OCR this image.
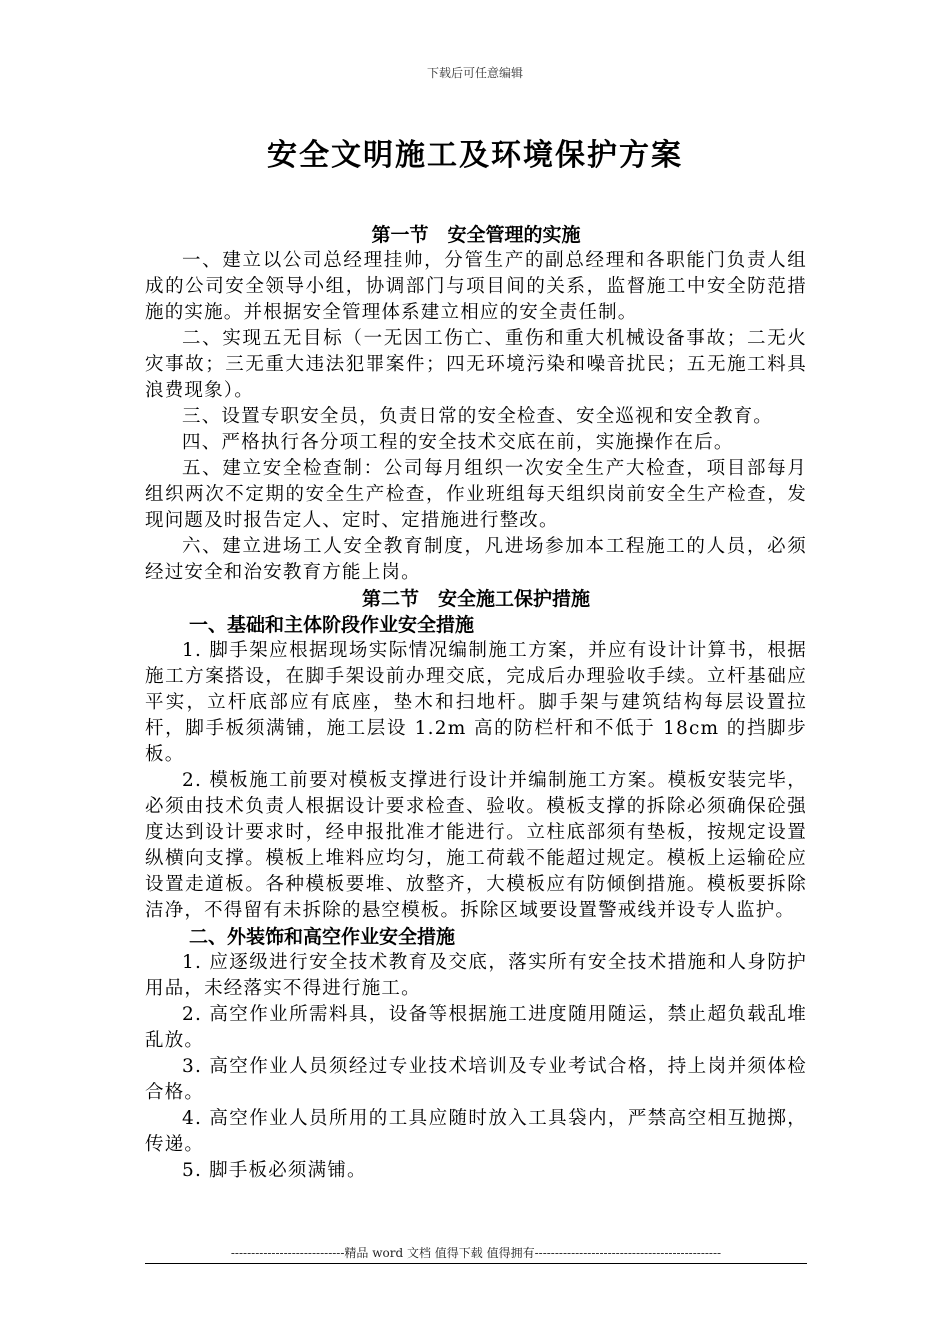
下载后可任意编辑
安全文明施工及环境保护方案

第一节　安全管理的实施

一、建立以公司总经理挂帅，分管生产的副总经理和各职能门负责人组成的公司安全领导小组，协调部门与项目间的关系，监督施工中安全防范措施的实施。并根据安全管理体系建立相应的安全责任制。

二、实现五无目标（一无因工伤亡、重伤和重大机械设备事故；二无火灾事故；三无重大违法犯罪案件；四无环境污染和噪音扰民；五无施工料具浪费现象）。

三、设置专职安全员，负责日常的安全检查、安全巡视和安全教育。

四、严格执行各分项工程的安全技术交底在前，实施操作在后。

五、建立安全检查制：公司每月组织一次安全生产大检查，项目部每月组织两次不定期的安全生产检查，作业班组每天组织岗前安全生产检查，发现问题及时报告定人、定时、定措施进行整改。

六、建立进场工人安全教育制度，凡进场参加本工程施工的人员，必须经过安全和治安教育方能上岗。

第二节　安全施工保护措施

一、基础和主体阶段作业安全措施

1. 脚手架应根据现场实际情况编制施工方案，并应有设计计算书，根据施工方案搭设，在脚手架设前办理交底，完成后办理验收手续。立杆基础应平实，立杆底部应有底座，垫木和扫地杆。脚手架与建筑结构每层设置拉杆，脚手板须满铺，施工层设 1.2m 高的防栏杆和不低于 18cm 的挡脚步板。

2. 模板施工前要对模板支撑进行设计并编制施工方案。模板安装完毕，必须由技术负责人根据设计要求检查、验收。模板支撑的拆除必须确保砼强度达到设计要求时，经申报批准才能进行。立柱底部须有垫板，按规定设置纵横向支撑。模板上堆料应均匀，施工荷载不能超过规定。模板上运输砼应设置走道板。各种模板要堆、放整齐，大模板应有防倾倒措施。模板要拆除洁净，不得留有未拆除的悬空模板。拆除区域要设置警戒线并设专人监护。

二、外装饰和高空作业安全措施

1. 应逐级进行安全技术教育及交底，落实所有安全技术措施和人身防护用品，未经落实不得进行施工。

2. 高空作业所需料具，设备等根据施工进度随用随运，禁止超负载乱堆乱放。

3. 高空作业人员须经过专业技术培训及专业考试合格，持上岗并须体检合格。

4. 高空作业人员所用的工具应随时放入工具袋内，严禁高空相互抛掷，传递。

5. 脚手板必须满铺。

----------------------------精品 word 文档 值得下载 值得拥有----------------------------------------------
